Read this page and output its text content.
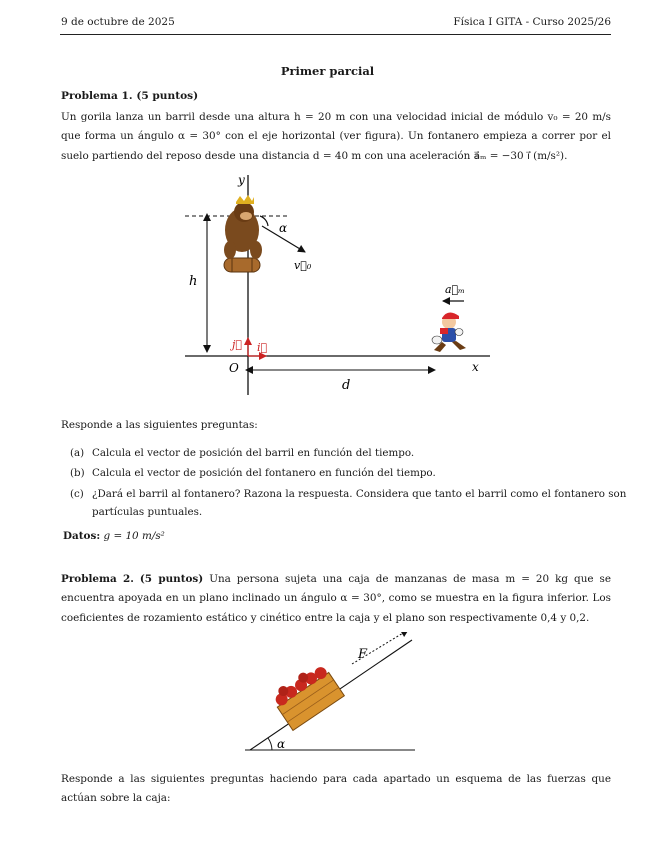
9 de octubre de 2025	Física I GITA - Curso 2025/26
Primer parcial
Problema 1. (5 puntos)

Un gorila lanza un barril desde una altura h = 20 m con una velocidad inicial de módulo v₀ = 20 m/s que forma un ángulo α = 30° con el eje horizontal (ver figura). Un fontanero empieza a correr por el suelo partiendo del reposo desde una distancia d = 40 m con una aceleración a⃗ₘ = −30 i⃗ (m/s²).

y
x
O
h
d
j⃗ i⃗
α
v⃗₀
a⃗ₘ
Responde a las siguientes preguntas:
(a) Calcula el vector de posición del barril en función del tiempo.
(b) Calcula el vector de posición del fontanero en función del tiempo.
(c) ¿Dará el barril al fontanero? Razona la respuesta. Considera que tanto el barril como el fontanero son
partículas puntuales.
Datos: g = 10 m/s²

Problema 2. (5 puntos) Una persona sujeta una caja de manzanas de masa m = 20 kg que se encuentra apoyada en un plano inclinado un ángulo α = 30°, como se muestra en la figura inferior. Los coeficientes de rozamiento estático y cinético entre la caja y el plano son respectivamente 0,4 y 0,2.

α
F

Responde a las siguientes preguntas haciendo para cada apartado un esquema de las fuerzas que actúan sobre la caja:
